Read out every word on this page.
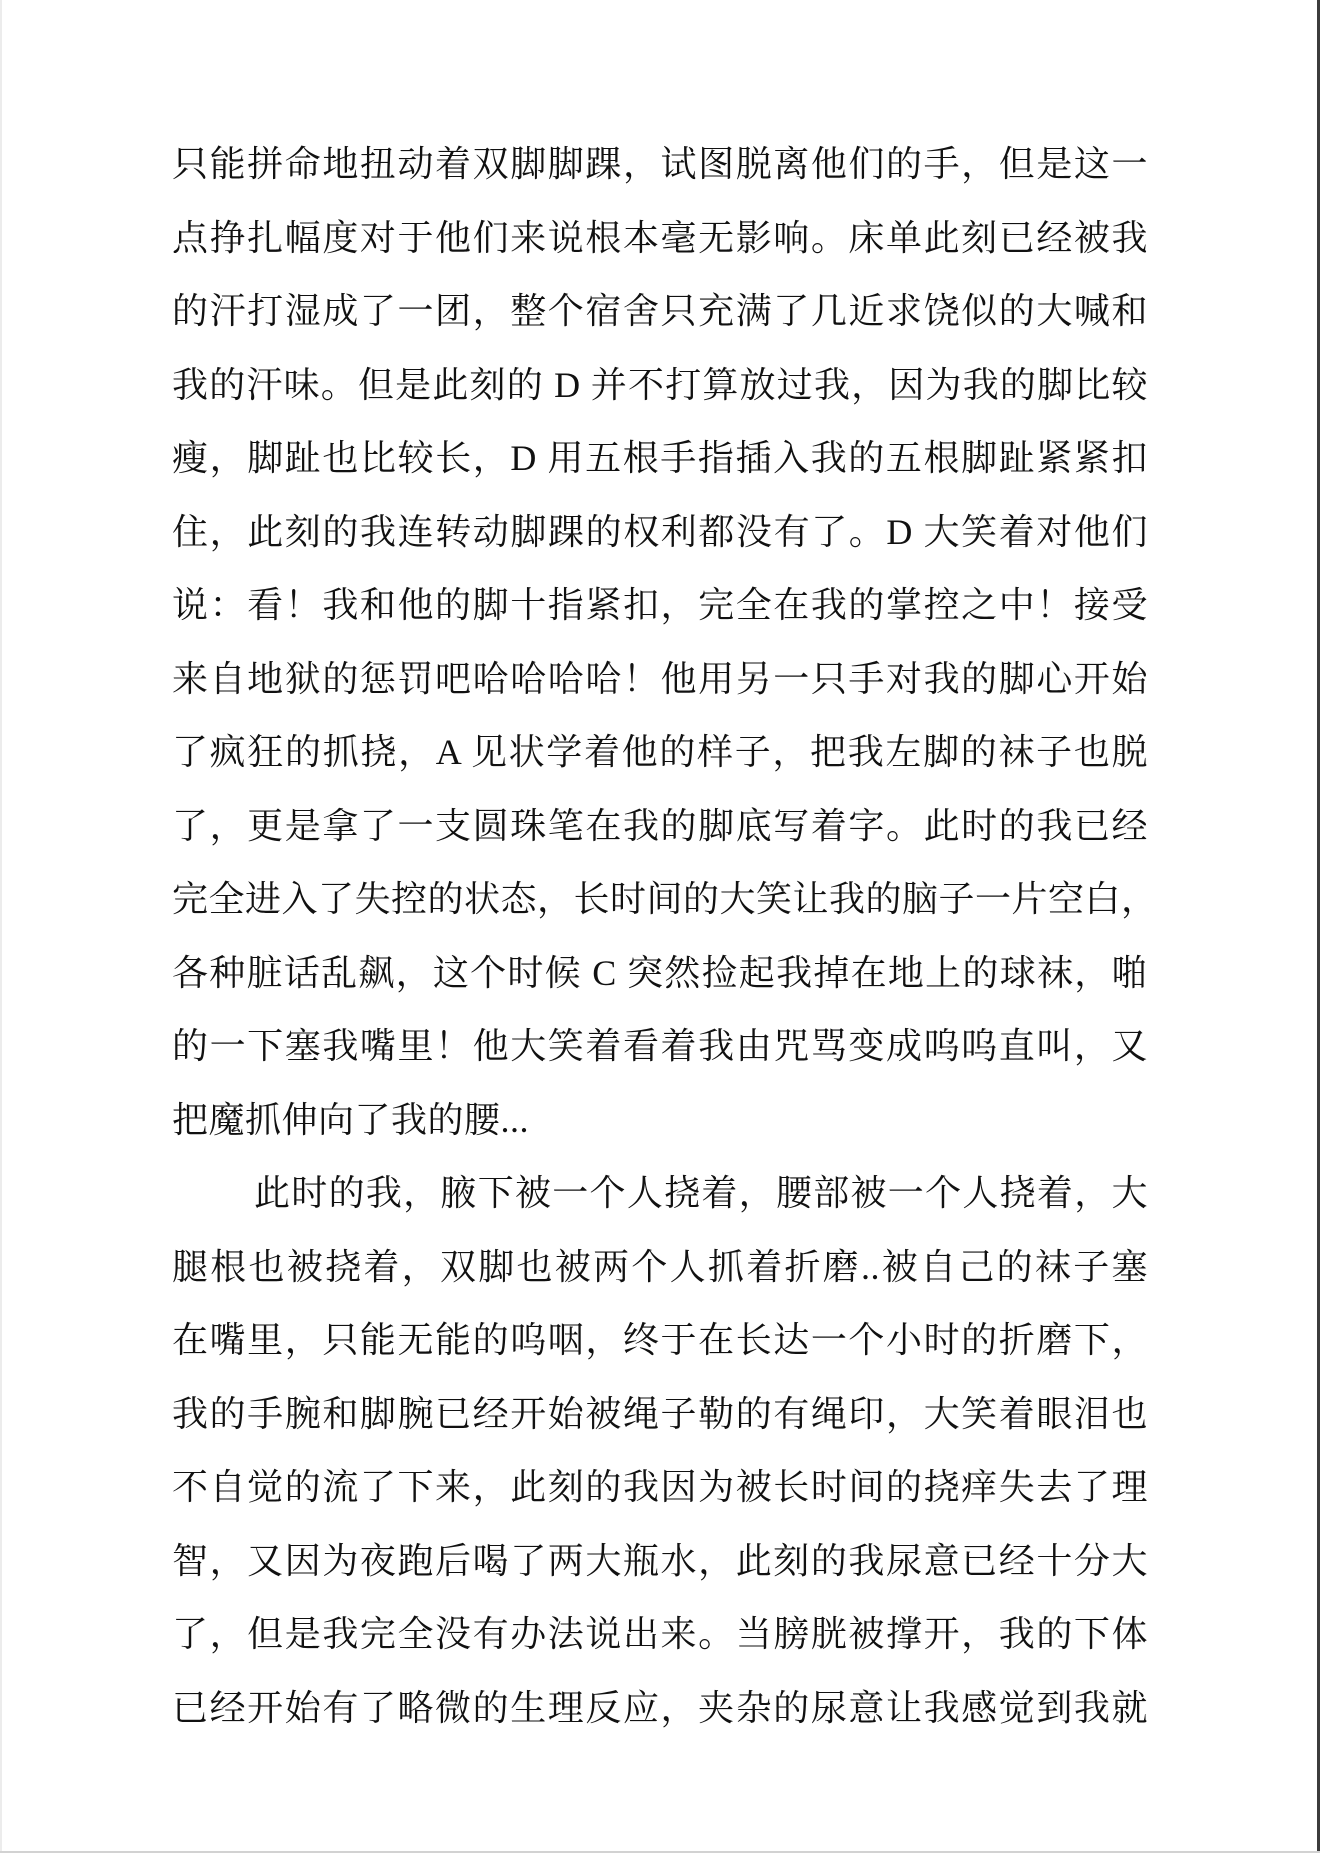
只能拼命地扭动着双脚脚踝，试图脱离他们的手，但是这一
点挣扎幅度对于他们来说根本毫无影响。床单此刻已经被我
的汗打湿成了一团，整个宿舍只充满了几近求饶似的大喊和
我的汗味。但是此刻的 D 并不打算放过我，因为我的脚比较
瘦，脚趾也比较长，D 用五根手指插入我的五根脚趾紧紧扣
住，此刻的我连转动脚踝的权利都没有了。D 大笑着对他们
说：看！我和他的脚十指紧扣，完全在我的掌控之中！接受
来自地狱的惩罚吧哈哈哈哈！他用另一只手对我的脚心开始
了疯狂的抓挠，A 见状学着他的样子，把我左脚的袜子也脱
了，更是拿了一支圆珠笔在我的脚底写着字。此时的我已经
完全进入了失控的状态，长时间的大笑让我的脑子一片空白，
各种脏话乱飙，这个时候 C 突然捡起我掉在地上的球袜，啪
的一下塞我嘴里！他大笑着看着我由咒骂变成呜呜直叫，又
把魔抓伸向了我的腰...
此时的我，腋下被一个人挠着，腰部被一个人挠着，大
腿根也被挠着，双脚也被两个人抓着折磨..被自己的袜子塞
在嘴里，只能无能的呜咽，终于在长达一个小时的折磨下，
我的手腕和脚腕已经开始被绳子勒的有绳印，大笑着眼泪也
不自觉的流了下来，此刻的我因为被长时间的挠痒失去了理
智，又因为夜跑后喝了两大瓶水，此刻的我尿意已经十分大
了，但是我完全没有办法说出来。当膀胱被撑开，我的下体
已经开始有了略微的生理反应，夹杂的尿意让我感觉到我就
